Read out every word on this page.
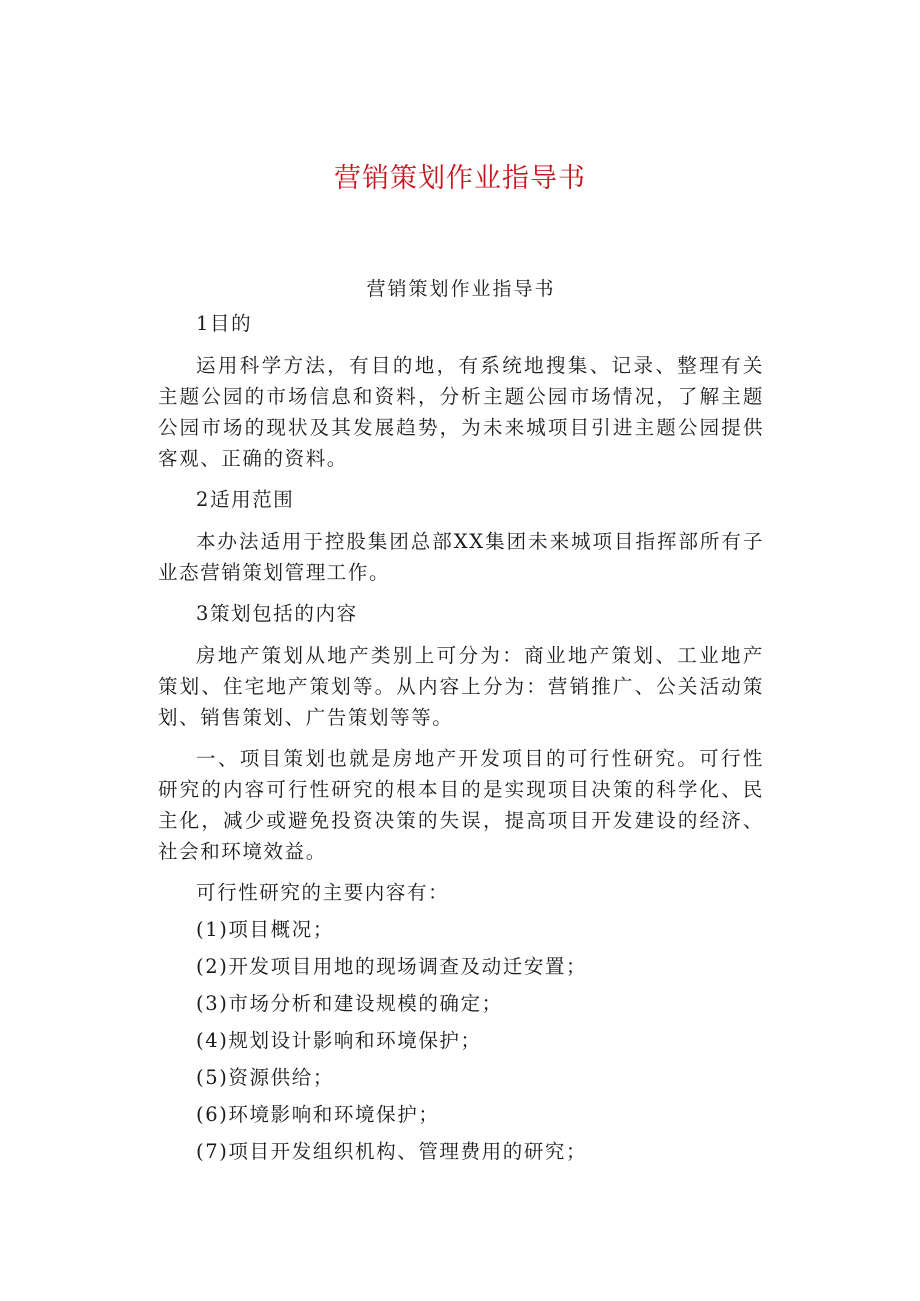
营销策划作业指导书
营销策划作业指导书

1目的

运用科学方法，有目的地，有系统地搜集、记录、整理有关主题公园的市场信息和资料，分析主题公园市场情况，了解主题公园市场的现状及其发展趋势，为未来城项目引进主题公园提供客观、正确的资料。

2适用范围

本办法适用于控股集团总部XX集团未来城项目指挥部所有子业态营销策划管理工作。

3策划包括的内容

房地产策划从地产类别上可分为：商业地产策划、工业地产策划、住宅地产策划等。从内容上分为：营销推广、公关活动策划、销售策划、广告策划等等。

一、项目策划也就是房地产开发项目的可行性研究。可行性研究的内容可行性研究的根本目的是实现项目决策的科学化、民主化，减少或避免投资决策的失误，提高项目开发建设的经济、社会和环境效益。

可行性研究的主要内容有：

(1)项目概况；

(2)开发项目用地的现场调查及动迁安置；

(3)市场分析和建设规模的确定；

(4)规划设计影响和环境保护；

(5)资源供给；

(6)环境影响和环境保护；

(7)项目开发组织机构、管理费用的研究；
